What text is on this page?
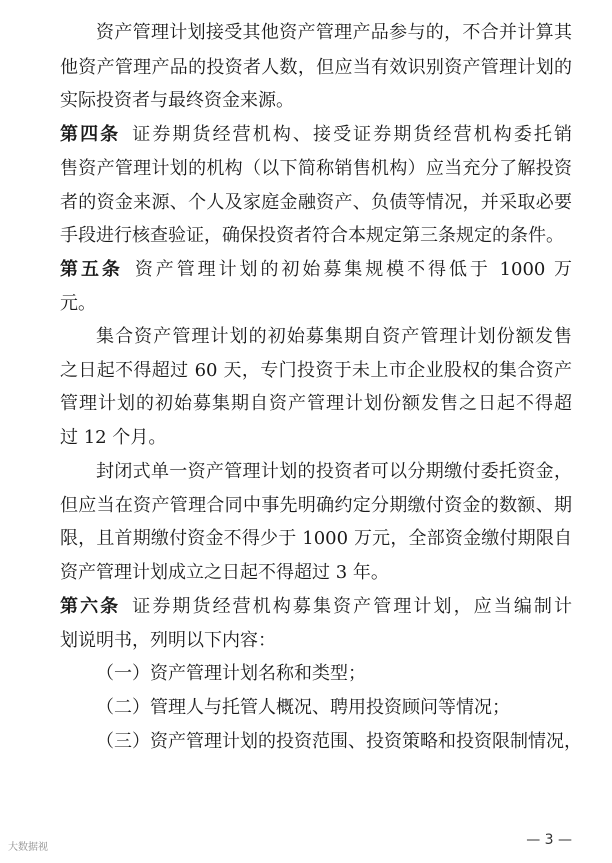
资产管理计划接受其他资产管理产品参与的，不合并计算其
他资产管理产品的投资者人数，但应当有效识别资产管理计划的
实际投资者与最终资金来源。
第四条 证券期货经营机构、接受证券期货经营机构委托销
售资产管理计划的机构（以下简称销售机构）应当充分了解投资
者的资金来源、个人及家庭金融资产、负债等情况，并采取必要
手段进行核查验证，确保投资者符合本规定第三条规定的条件。
第五条 资产管理计划的初始募集规模不得低于 1000 万
元。
集合资产管理计划的初始募集期自资产管理计划份额发售
之日起不得超过 60 天，专门投资于未上市企业股权的集合资产
管理计划的初始募集期自资产管理计划份额发售之日起不得超
过 12 个月。
封闭式单一资产管理计划的投资者可以分期缴付委托资金，
但应当在资产管理合同中事先明确约定分期缴付资金的数额、期
限，且首期缴付资金不得少于 1000 万元，全部资金缴付期限自
资产管理计划成立之日起不得超过 3 年。
第六条 证券期货经营机构募集资产管理计划，应当编制计
划说明书，列明以下内容：
（一）资产管理计划名称和类型；
（二）管理人与托管人概况、聘用投资顾问等情况；
（三）资产管理计划的投资范围、投资策略和投资限制情况，
大数据视	— 3 —
